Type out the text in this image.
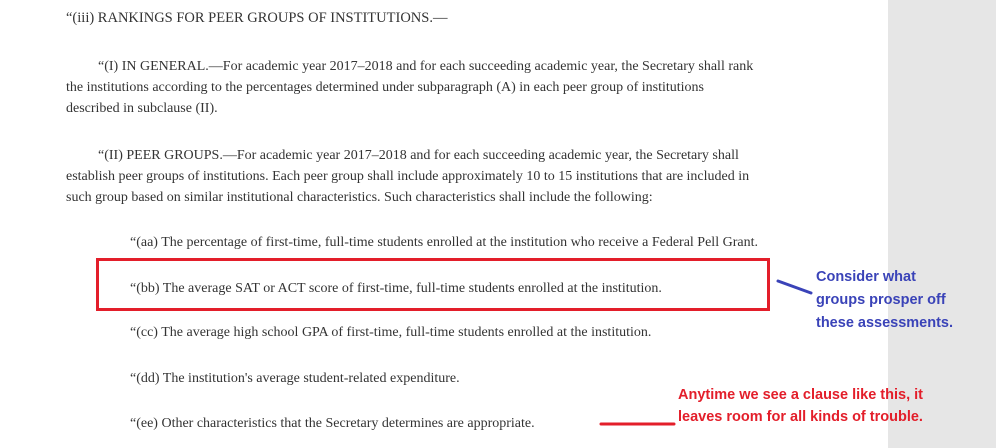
“(iii) RANKINGS FOR PEER GROUPS OF INSTITUTIONS.—
“(I) IN GENERAL.—For academic year 2017–2018 and for each succeeding academic year, the Secretary shall rank
the institutions according to the percentages determined under subparagraph (A) in each peer group of institutions
described in subclause (II).
“(II) PEER GROUPS.—For academic year 2017–2018 and for each succeeding academic year, the Secretary shall
establish peer groups of institutions. Each peer group shall include approximately 10 to 15 institutions that are included in
such group based on similar institutional characteristics. Such characteristics shall include the following:
“(aa) The percentage of first-time, full-time students enrolled at the institution who receive a Federal Pell Grant.
“(bb) The average SAT or ACT score of first-time, full-time students enrolled at the institution.
“(cc) The average high school GPA of first-time, full-time students enrolled at the institution.
“(dd) The institution's average student-related expenditure.
“(ee) Other characteristics that the Secretary determines are appropriate.
Consider what
groups prosper off
these assessments.
Anytime we see a clause like this, it
leaves room for all kinds of trouble.
